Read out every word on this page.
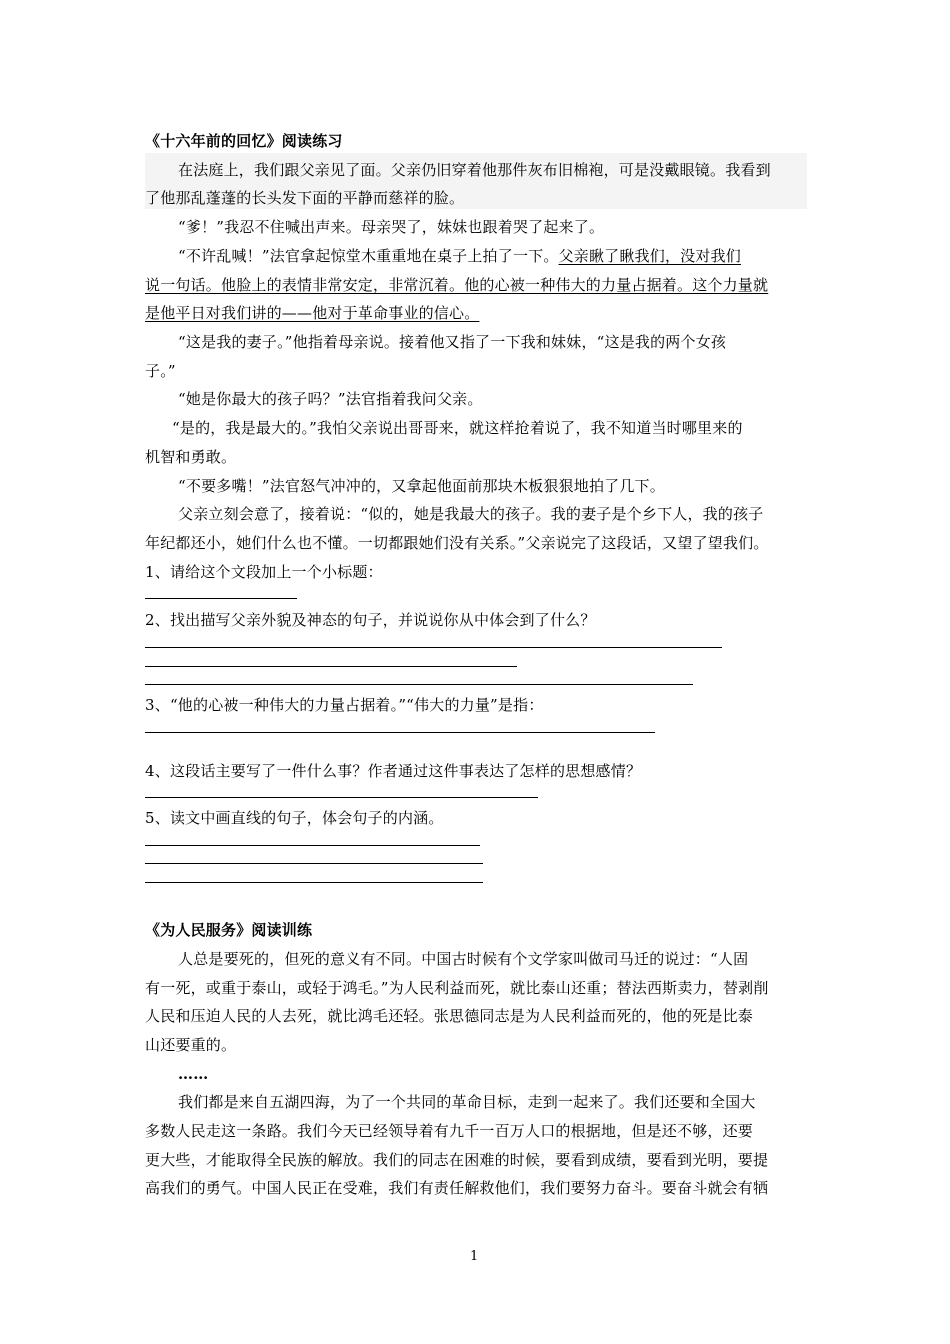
《十六年前的回忆》阅读练习
在法庭上，我们跟父亲见了面。父亲仍旧穿着他那件灰布旧棉袍，可是没戴眼镜。我看到
了他那乱蓬蓬的长头发下面的平静而慈祥的脸。
“爹！”我忍不住喊出声来。母亲哭了，妹妹也跟着哭了起来了。
“不许乱喊！”法官拿起惊堂木重重地在桌子上拍了一下。父亲瞅了瞅我们，没对我们
说一句话。他脸上的表情非常安定，非常沉着。他的心被一种伟大的力量占据着。这个力量就
是他平日对我们讲的——他对于革命事业的信心。
“这是我的妻子。”他指着母亲说。接着他又指了一下我和妹妹，“这是我的两个女孩
子。”
“她是你最大的孩子吗？”法官指着我问父亲。
“是的，我是最大的。”我怕父亲说出哥哥来，就这样抢着说了，我不知道当时哪里来的
机智和勇敢。
“不要多嘴！”法官怒气冲冲的，又拿起他面前那块木板狠狠地拍了几下。
父亲立刻会意了，接着说：“似的，她是我最大的孩子。我的妻子是个乡下人，我的孩子
年纪都还小，她们什么也不懂。一切都跟她们没有关系。”父亲说完了这段话，又望了望我们。
1、请给这个文段加上一个小标题：
2、找出描写父亲外貌及神态的句子，并说说你从中体会到了什么？
3、“他的心被一种伟大的力量占据着。”“伟大的力量”是指：
4、这段话主要写了一件什么事？作者通过这件事表达了怎样的思想感情？
5、读文中画直线的句子，体会句子的内涵。
《为人民服务》阅读训练
人总是要死的，但死的意义有不同。中国古时候有个文学家叫做司马迁的说过：“人固
有一死，或重于泰山，或轻于鸿毛。”为人民利益而死，就比泰山还重；替法西斯卖力，替剥削
人民和压迫人民的人去死，就比鸿毛还轻。张思德同志是为人民利益而死的，他的死是比泰
山还要重的。
……
我们都是来自五湖四海，为了一个共同的革命目标，走到一起来了。我们还要和全国大
多数人民走这一条路。我们今天已经领导着有九千一百万人口的根据地，但是还不够，还要
更大些，才能取得全民族的解放。我们的同志在困难的时候，要看到成绩，要看到光明，要提
高我们的勇气。中国人民正在受难，我们有责任解救他们，我们要努力奋斗。要奋斗就会有牺
1
